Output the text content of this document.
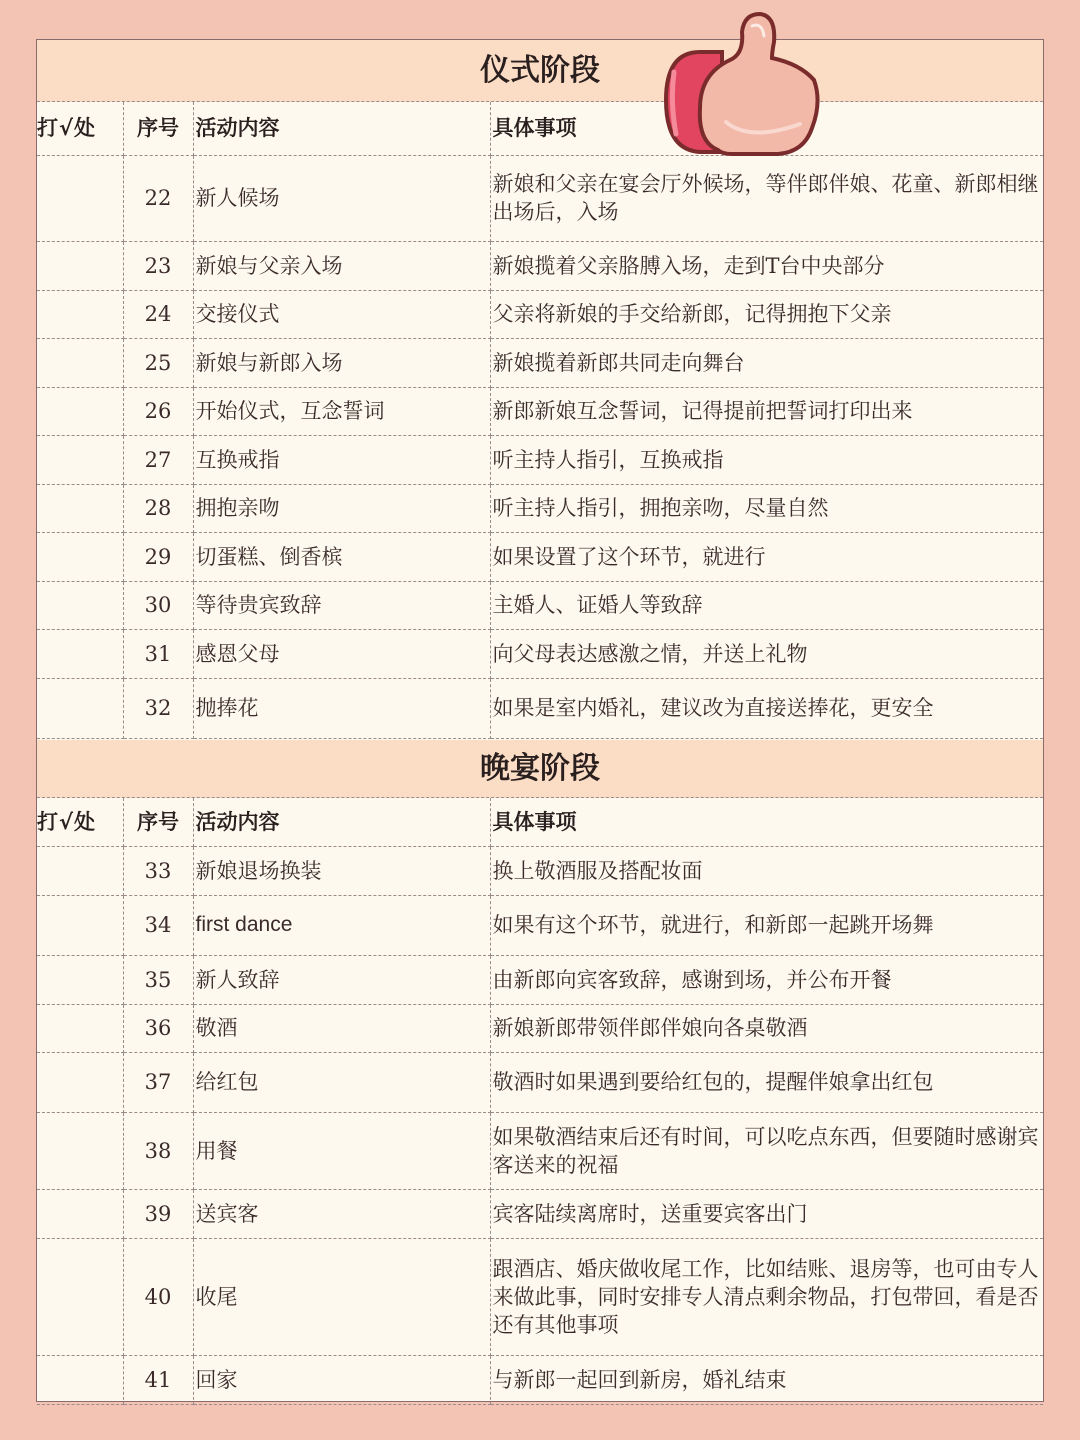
仪式阶段
打√处	序号	活动内容	具体事项
	22	新人候场	新娘和父亲在宴会厅外候场，等伴郎伴娘、花童、新郎相继出场后，入场
	23	新娘与父亲入场	新娘揽着父亲胳膊入场，走到T台中央部分
	24	交接仪式	父亲将新娘的手交给新郎，记得拥抱下父亲
	25	新娘与新郎入场	新娘揽着新郎共同走向舞台
	26	开始仪式，互念誓词	新郎新娘互念誓词，记得提前把誓词打印出来
	27	互换戒指	听主持人指引，互换戒指
	28	拥抱亲吻	听主持人指引，拥抱亲吻，尽量自然
	29	切蛋糕、倒香槟	如果设置了这个环节，就进行
	30	等待贵宾致辞	主婚人、证婚人等致辞
	31	感恩父母	向父母表达感激之情，并送上礼物
	32	抛捧花	如果是室内婚礼，建议改为直接送捧花，更安全
晚宴阶段
打√处	序号	活动内容	具体事项
	33	新娘退场换装	换上敬酒服及搭配妆面
	34	first dance	如果有这个环节，就进行，和新郎一起跳开场舞
	35	新人致辞	由新郎向宾客致辞，感谢到场，并公布开餐
	36	敬酒	新娘新郎带领伴郎伴娘向各桌敬酒
	37	给红包	敬酒时如果遇到要给红包的，提醒伴娘拿出红包
	38	用餐	如果敬酒结束后还有时间，可以吃点东西，但要随时感谢宾客送来的祝福
	39	送宾客	宾客陆续离席时，送重要宾客出门
	40	收尾	跟酒店、婚庆做收尾工作，比如结账、退房等，也可由专人来做此事，同时安排专人清点剩余物品，打包带回，看是否还有其他事项
	41	回家	与新郎一起回到新房，婚礼结束
